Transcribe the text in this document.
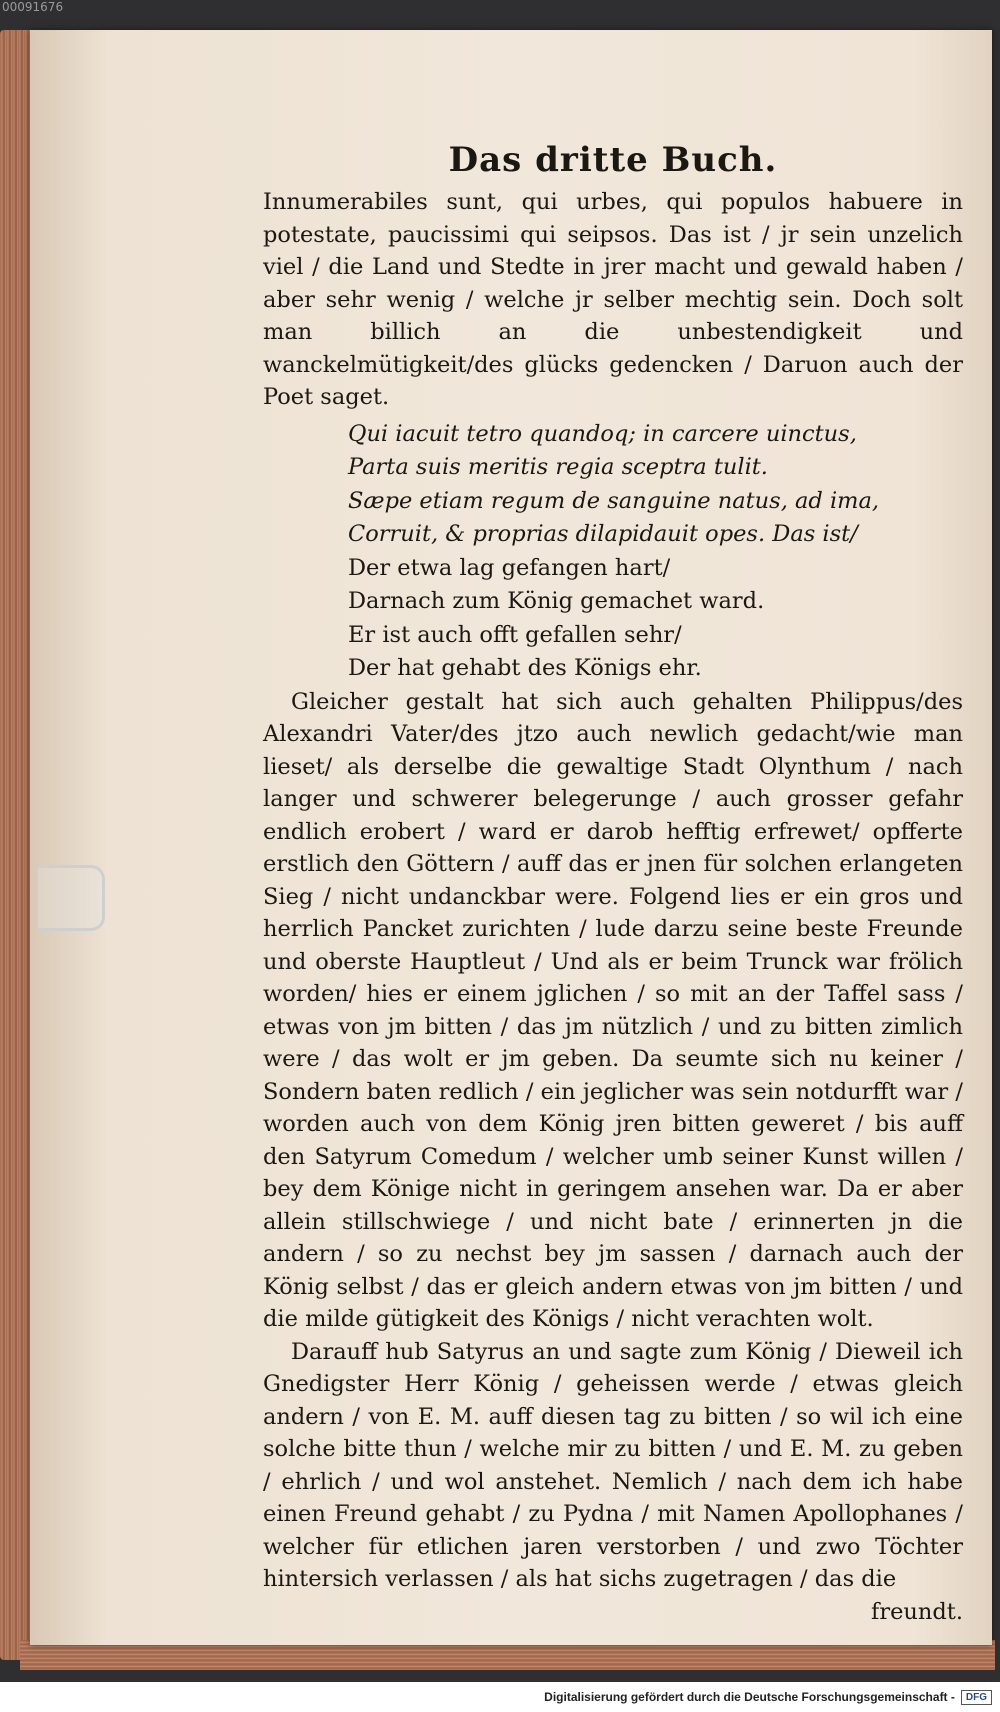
00091676
Das dritte Buch.

Innumerabiles sunt, qui urbes, qui populos habuere in potestate, paucissimi qui seipsos. Das ist / jr sein unzelich viel / die Land und Stedte in jrer macht und gewald haben / aber sehr wenig / welche jr selber mechtig sein. Doch solt man billich an die unbestendigkeit und wanckelmütigkeit/des glücks gedencken / Daruon auch der Poet saget.

Qui iacuit tetro quandoq; in carcere uinctus,
Parta suis meritis regia sceptra tulit.
Sæpe etiam regum de sanguine natus, ad ima,
Corruit, & proprias dilapidauit opes. Das ist/
Der etwa lag gefangen hart/
Darnach zum König gemachet ward.
Er ist auch offt gefallen sehr/
Der hat gehabt des Königs ehr.

Gleicher gestalt hat sich auch gehalten Philippus/des Alexandri Vater/des jtzo auch newlich gedacht/wie man lieset/ als derselbe die gewaltige Stadt Olynthum / nach langer und schwerer belegerunge / auch grosser gefahr endlich erobert / ward er darob hefftig erfrewet/ opfferte erstlich den Göttern / auff das er jnen für solchen erlangeten Sieg / nicht undanckbar were. Folgend lies er ein gros und herrlich Pancket zurichten / lude darzu seine beste Freunde und oberste Hauptleut / Und als er beim Trunck war frölich worden/ hies er einem jglichen / so mit an der Taffel sass / etwas von jm bitten / das jm nützlich / und zu bitten zimlich were / das wolt er jm geben. Da seumte sich nu keiner / Sondern baten redlich / ein jeglicher was sein notdurfft war / worden auch von dem König jren bitten geweret / bis auff den Satyrum Comedum / welcher umb seiner Kunst willen / bey dem Könige nicht in geringem ansehen war. Da er aber allein stillschwiege / und nicht bate / erinnerten jn die andern / so zu nechst bey jm sassen / darnach auch der König selbst / das er gleich andern etwas von jm bitten / und die milde gütigkeit des Königs / nicht verachten wolt.

Darauff hub Satyrus an und sagte zum König / Dieweil ich Gnedigster Herr König / geheissen werde / etwas gleich andern / von E. M. auff diesen tag zu bitten / so wil ich eine solche bitte thun / welche mir zu bitten / und E. M. zu geben / ehrlich / und wol anstehet. Nemlich / nach dem ich habe einen Freund gehabt / zu Pydna / mit Namen Apollophanes / welcher für etlichen jaren verstorben / und zwo Töchter hintersich verlassen / als hat sichs zugetragen / das die

freundt.

Digitalisierung gefördert durch die Deutsche Forschungsgemeinschaft -	DFG
